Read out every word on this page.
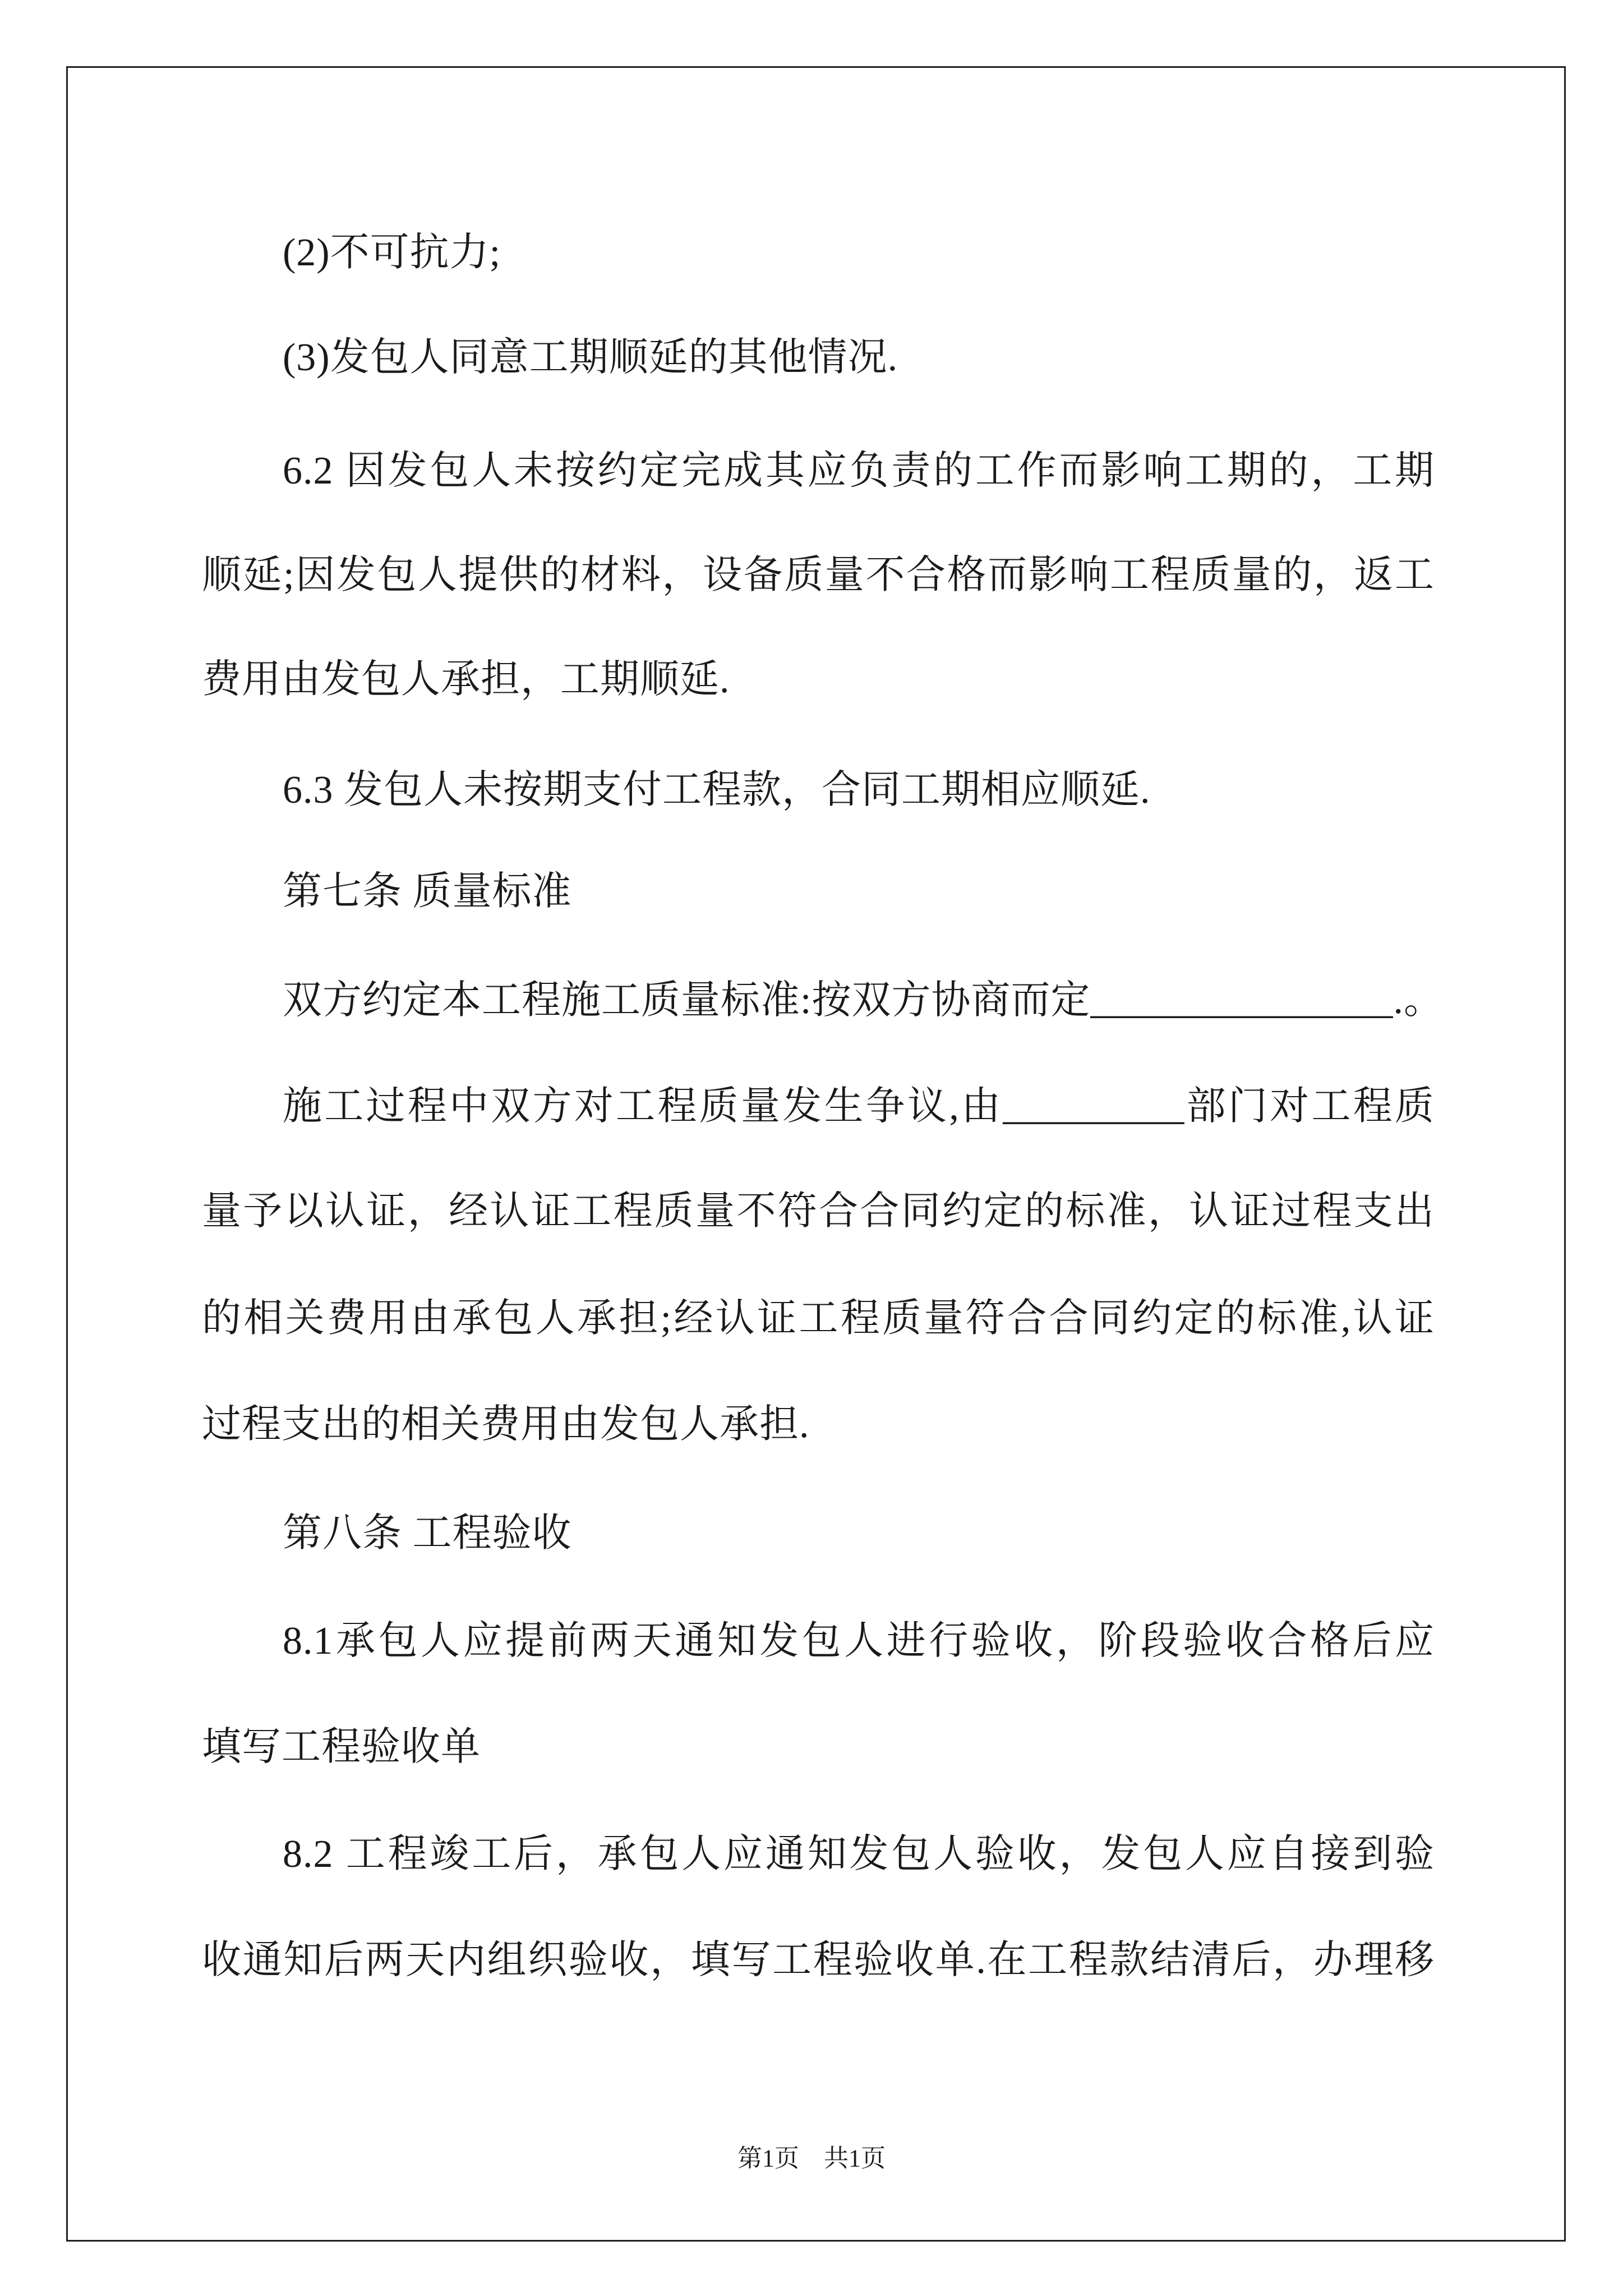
(2)不可抗力;
(3)发包人同意工期顺延的其他情况.
6.2 因发包人未按约定完成其应负责的工作而影响工期的，工期
顺延;因发包人提供的材料，设备质量不合格而影响工程质量的，返工
费用由发包人承担，工期顺延.
6.3 发包人未按期支付工程款，合同工期相应顺延.
第七条 质量标准
双方约定本工程施工质量标准:按双方协商而定_______________.。
施工过程中双方对工程质量发生争议,由_________部门对工程质
量予以认证，经认证工程质量不符合合同约定的标准，认证过程支出
的相关费用由承包人承担;经认证工程质量符合合同约定的标准,认证
过程支出的相关费用由发包人承担.
第八条 工程验收
8.1承包人应提前两天通知发包人进行验收，阶段验收合格后应
填写工程验收单
8.2 工程竣工后，承包人应通知发包人验收，发包人应自接到验
收通知后两天内组织验收，填写工程验收单.在工程款结清后，办理移
第1页 共1页
